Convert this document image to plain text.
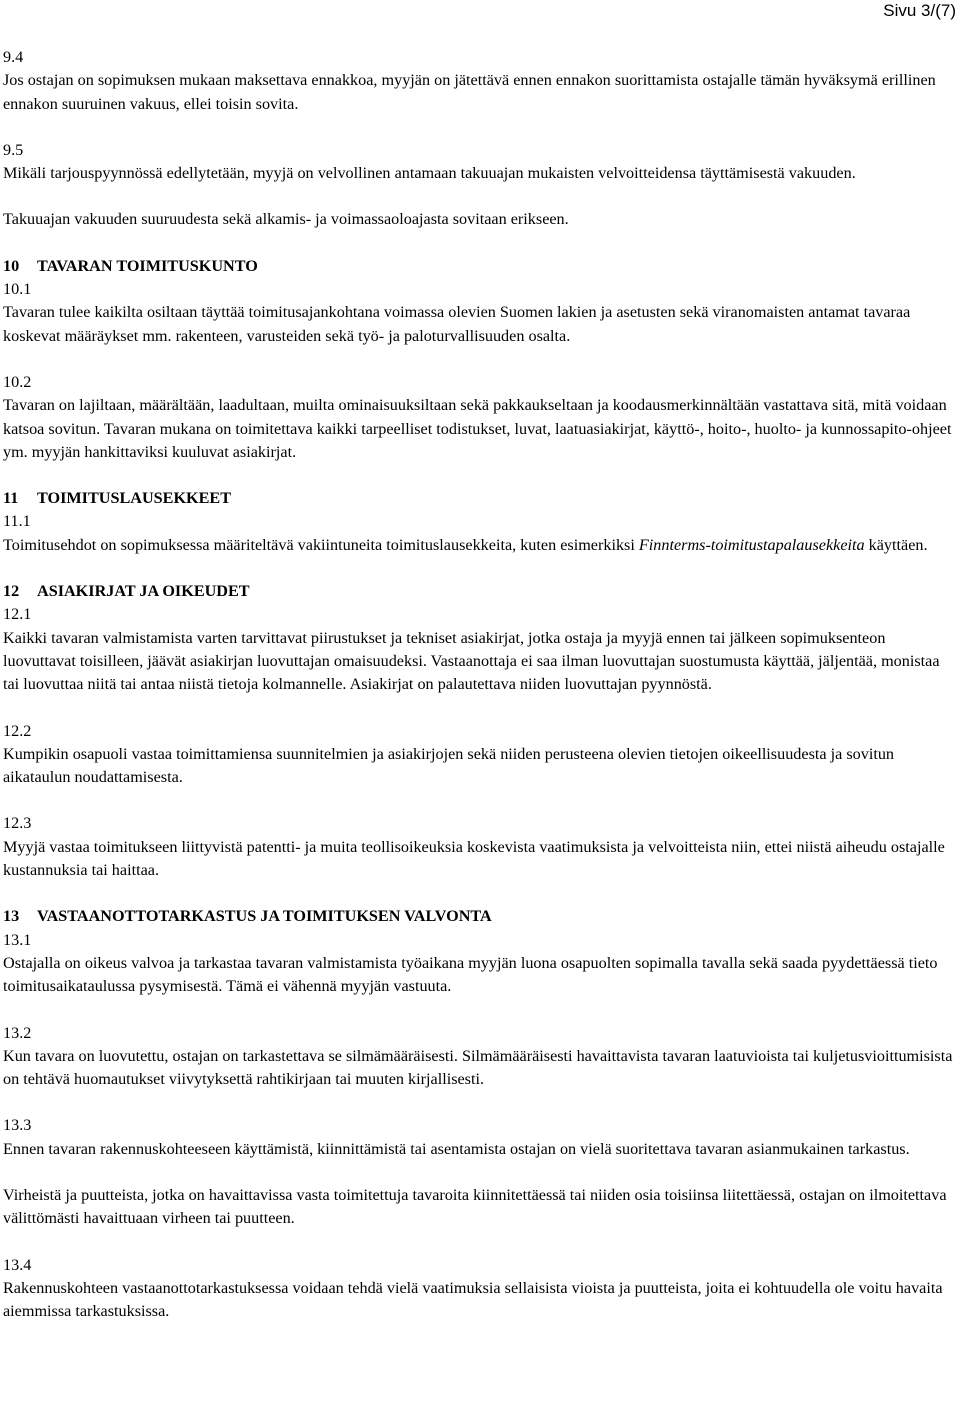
Sivu 3/(7)
9.4
Jos ostajan on sopimuksen mukaan maksettava ennakkoa, myyjän on jätettävä ennen ennakon suorittamista ostajalle tämän hyväksymä erillinen ennakon suuruinen vakuus, ellei toisin sovita.
9.5
Mikäli tarjouspyynnössä edellytetään, myyjä on velvollinen antamaan takuuajan mukaisten velvoitteidensa täyttämisestä vakuuden.
Takuuajan vakuuden suuruudesta sekä alkamis- ja voimassaoloajasta sovitaan erikseen.
10 TAVARAN TOIMITUSKUNTO
10.1
Tavaran tulee kaikilta osiltaan täyttää toimitusajankohtana voimassa olevien Suomen lakien ja asetusten sekä viranomaisten antamat tavaraa koskevat määräykset mm. rakenteen, varusteiden sekä työ- ja paloturvallisuuden osalta.
10.2
Tavaran on lajiltaan, määrältään, laadultaan, muilta ominaisuuksiltaan sekä pakkaukseltaan ja koodausmerkinnältään vastattava sitä, mitä voidaan katsoa sovitun. Tavaran mukana on toimitettava kaikki tarpeelliset todistukset, luvat, laatuasiakirjat, käyttö-, hoito-, huolto- ja kunnossapito-ohjeet ym. myyjän hankittaviksi kuuluvat asiakirjat.
11 TOIMITUSLAUSEKKEET
11.1
Toimitusehdot on sopimuksessa määriteltävä vakiintuneita toimituslausekkeita, kuten esimerkiksi Finnterms-toimitustapalausekkeita käyttäen.
12 ASIAKIRJAT JA OIKEUDET
12.1
Kaikki tavaran valmistamista varten tarvittavat piirustukset ja tekniset asiakirjat, jotka ostaja ja myyjä ennen tai jälkeen sopimuksenteon luovuttavat toisilleen, jäävät asiakirjan luovuttajan omaisuudeksi. Vastaanottaja ei saa ilman luovuttajan suostumusta käyttää, jäljentää, monistaa tai luovuttaa niitä tai antaa niistä tietoja kolmannelle. Asiakirjat on palautettava niiden luovuttajan pyynnöstä.
12.2
Kumpikin osapuoli vastaa toimittamiensa suunnitelmien ja asiakirjojen sekä niiden perusteena olevien tietojen oikeellisuudesta ja sovitun aikataulun noudattamisesta.
12.3
Myyjä vastaa toimitukseen liittyvistä patentti- ja muita teollisoikeuksia koskevista vaatimuksista ja velvoitteista niin, ettei niistä aiheudu ostajalle kustannuksia tai haittaa.
13 VASTAANOTTOTARKASTUS JA TOIMITUKSEN VALVONTA
13.1
Ostajalla on oikeus valvoa ja tarkastaa tavaran valmistamista työaikana myyjän luona osapuolten sopimalla tavalla sekä saada pyydettäessä tieto toimitusaikataulussa pysymisestä. Tämä ei vähennä myyjän vastuuta.
13.2
Kun tavara on luovutettu, ostajan on tarkastettava se silmämääräisesti. Silmämääräisesti havaittavista tavaran laatuvioista tai kuljetusvioittumisista on tehtävä huomautukset viivytyksettä rahtikirjaan tai muuten kirjallisesti.
13.3
Ennen tavaran rakennuskohteeseen käyttämistä, kiinnittämistä tai asentamista ostajan on vielä suoritettava tavaran asianmukainen tarkastus.
Virheistä ja puutteista, jotka on havaittavissa vasta toimitettuja tavaroita kiinnitettäessä tai niiden osia toisiinsa liitettäessä, ostajan on ilmoitettava välittömästi havaittuaan virheen tai puutteen.
13.4
Rakennuskohteen vastaanottotarkastuksessa voidaan tehdä vielä vaatimuksia sellaisista vioista ja puutteista, joita ei kohtuudella ole voitu havaita aiemmissa tarkastuksissa.
